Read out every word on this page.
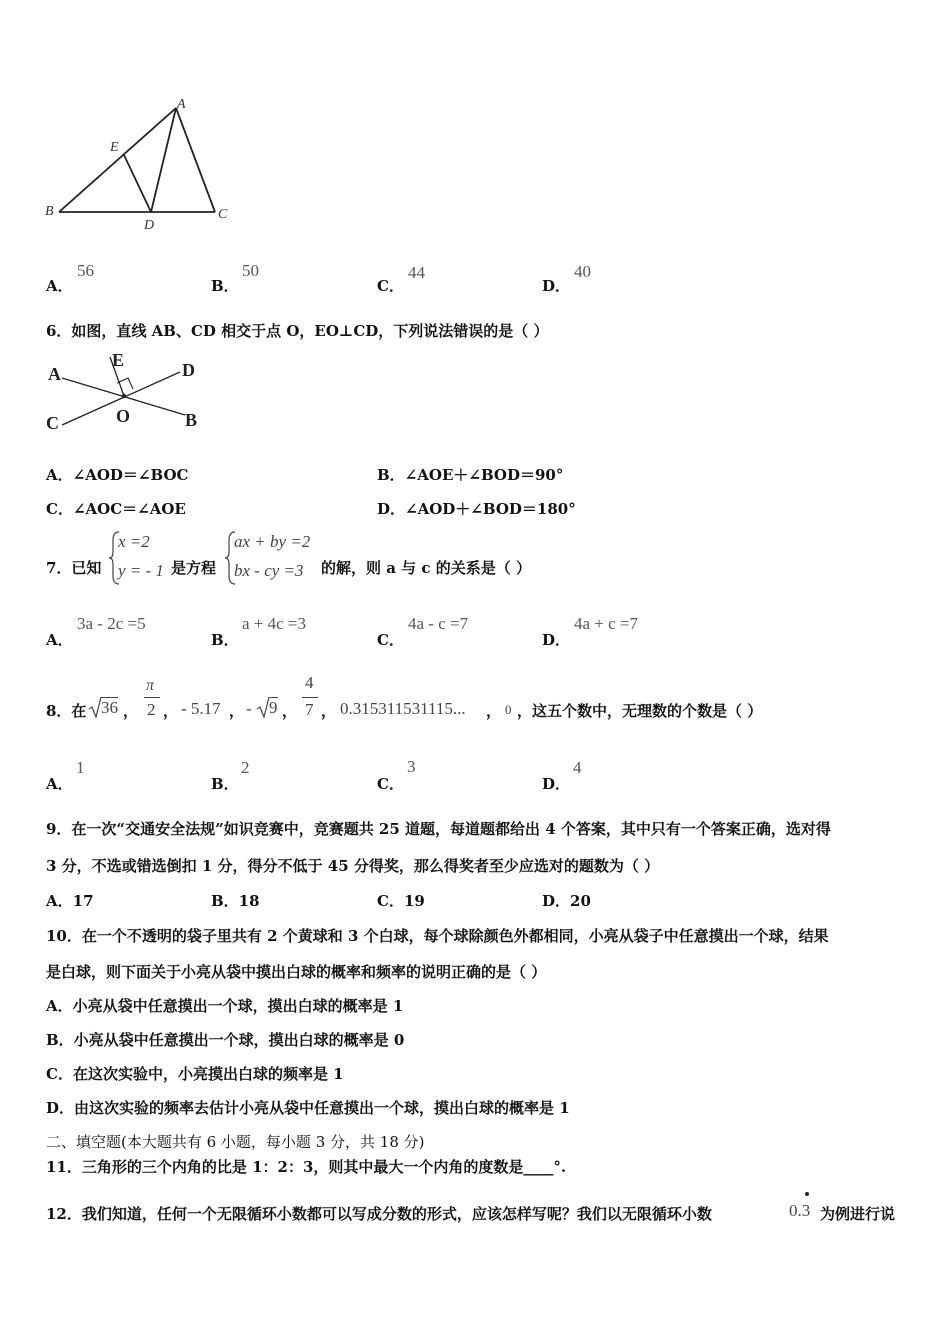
A
B	C
D
E
A．
56
B．
50
C．
44
D．
40
6．如图，直线 AB、CD 相交于点 O，EO⊥CD，下列说法错误的是（ ）
A
B
C
D
E
O
A．∠AOD＝∠BOC	B．∠AOE＋∠BOD＝90°
C．∠AOC＝∠AOE	D．∠AOD＋∠BOD＝180°
7．已知
x =2
y = - 1 是方程
ax + by =2
bx - cy =3 的解，则 a 与 c 的关系是（ ）
A．
3a - 2c =5
B．
a + 4c =3
C．
4a - c =7
D．
4a + c =7
8．在 36 ，
π
2 ， - 5.17 ， - 9 ，
4
7 ， 0.315311531115... ， 0 ，这五个数中，无理数的个数是（ ）
A．
1
B．
2
C．
3
D．
4
9．在一次“交通安全法规”如识竞赛中，竞赛题共 25 道题，每道题都给出 4 个答案，其中只有一个答案正确，选对得
3 分，不选或错选倒扣 1 分，得分不低于 45 分得奖，那么得奖者至少应选对的题数为（ ）
A．17	B．18	C．19	D．20
10．在一个不透明的袋子里共有 2 个黄球和 3 个白球，每个球除颜色外都相同，小亮从袋子中任意摸出一个球，结果
是白球，则下面关于小亮从袋中摸出白球的概率和频率的说明正确的是（ ）
A．小亮从袋中任意摸出一个球，摸出白球的概率是 1
B．小亮从袋中任意摸出一个球，摸出白球的概率是 0
C．在这次实验中，小亮摸出白球的频率是 1
D．由这次实验的频率去估计小亮从袋中任意摸出一个球，摸出白球的概率是 1
二、填空题(本大题共有 6 小题，每小题 3 分，共 18 分)
11．三角形的三个内角的比是 1：2：3，则其中最大一个内角的度数是____°.
12．我们知道，任何一个无限循环小数都可以写成分数的形式，应该怎样写呢？我们以无限循环小数	0.3 为例进行说
